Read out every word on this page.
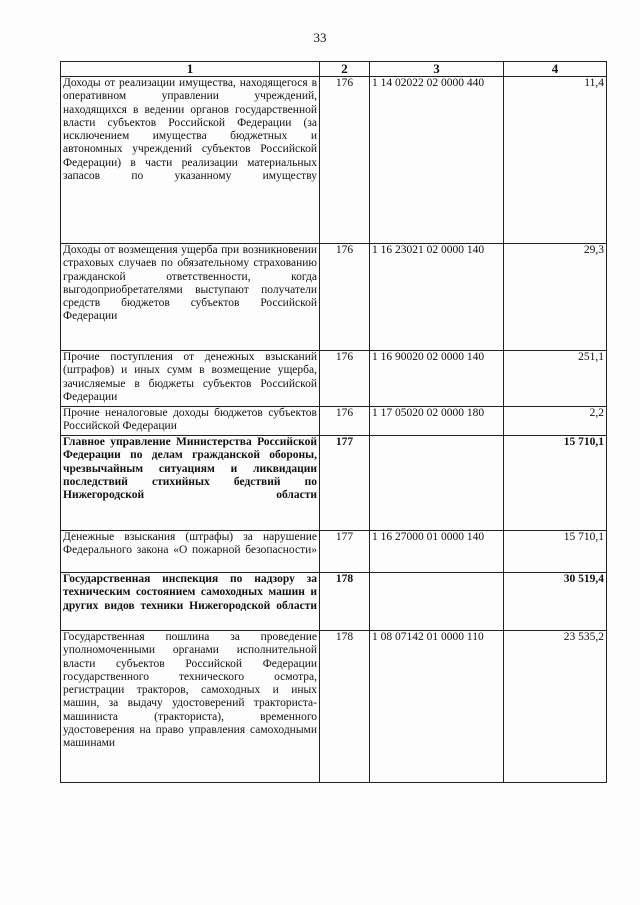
33
1	2	3	4
Доходы от реализации имущества, находящегося в оперативном управлении учреждений, находящихся в ведении органов государственной власти субъектов Российской Федерации (за исключением имущества бюджетных и автономных учреждений субъектов Российской Федерации) в части реализации материальных запасов по указанному имуществу	176	1 14 02022 02 0000 440	11,4
Доходы от возмещения ущерба при возникновении страховых случаев по обязательному страхованию гражданской ответственности, когда выгодоприобретателями выступают получатели средств бюджетов субъектов Российской Федерации	176	1 16 23021 02 0000 140	29,3
Прочие поступления от денежных взысканий (штрафов) и иных сумм в возмещение ущерба, зачисляемые в бюджеты субъектов Российской Федерации	176	1 16 90020 02 0000 140	251,1
Прочие неналоговые доходы бюджетов субъектов Российской Федерации	176	1 17 05020 02 0000 180	2,2
Главное управление Министерства Российской Федерации по делам гражданской обороны, чрезвычайным ситуациям и ликвидации последствий стихийных бедствий по Нижегородской области	177		15 710,1
Денежные взыскания (штрафы) за нарушение Федерального закона «О пожарной безопасности»	177	1 16 27000 01 0000 140	15 710,1
Государственная инспекция по надзору за техническим состоянием самоходных машин и других видов техники Нижегородской области	178		30 519,4
Государственная пошлина за проведение уполномоченными органами исполнительной власти субъектов Российской Федерации государственного технического осмотра, регистрации тракторов, самоходных и иных машин, за выдачу удостоверений тракториста-машиниста (тракториста), временного удостоверения на право управления самоходными машинами	178	1 08 07142 01 0000 110	23 535,2
